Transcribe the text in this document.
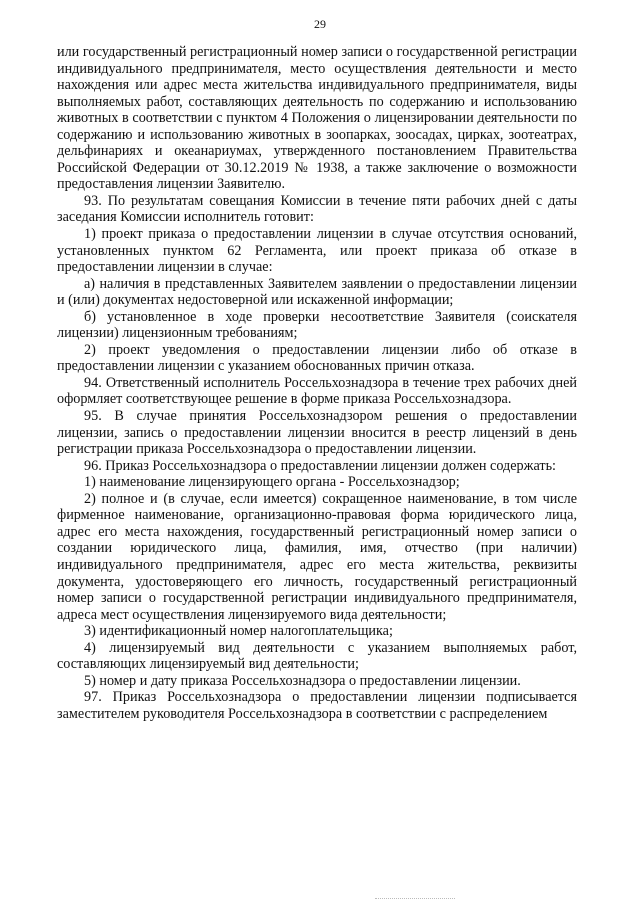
29

или государственный регистрационный номер записи о государственной регистрации индивидуального предпринимателя, место осуществления деятельности и место нахождения или адрес места жительства индивидуального предпринимателя, виды выполняемых работ, составляющих деятельность по содержанию и использованию животных в соответствии с пунктом 4 Положения о лицензировании деятельности по содержанию и использованию животных в зоопарках, зоосадах, цирках, зоотеатрах, дельфинариях и океанариумах, утвержденного постановлением Правительства Российской Федерации от 30.12.2019 № 1938, а также заключение о возможности предоставления лицензии Заявителю.

93. По результатам совещания Комиссии в течение пяти рабочих дней с даты заседания Комиссии исполнитель готовит:

1) проект приказа о предоставлении лицензии в случае отсутствия оснований, установленных пунктом 62 Регламента, или проект приказа об отказе в предоставлении лицензии в случае:

а) наличия в представленных Заявителем заявлении о предоставлении лицензии и (или) документах недостоверной или искаженной информации;

б) установленное в ходе проверки несоответствие Заявителя (соискателя лицензии) лицензионным требованиям;

2) проект уведомления о предоставлении лицензии либо об отказе в предоставлении лицензии с указанием обоснованных причин отказа.

94. Ответственный исполнитель Россельхознадзора в течение трех рабочих дней оформляет соответствующее решение в форме приказа Россельхознадзора.

95. В случае принятия Россельхознадзором решения о предоставлении лицензии, запись о предоставлении лицензии вносится в реестр лицензий в день регистрации приказа Россельхознадзора о предоставлении лицензии.

96. Приказ Россельхознадзора о предоставлении лицензии должен содержать:

1) наименование лицензирующего органа - Россельхознадзор;

2) полное и (в случае, если имеется) сокращенное наименование, в том числе фирменное наименование, организационно-правовая форма юридического лица, адрес его места нахождения, государственный регистрационный номер записи о создании юридического лица, фамилия, имя, отчество (при наличии) индивидуального предпринимателя, адрес его места жительства, реквизиты документа, удостоверяющего его личность, государственный регистрационный номер записи о государственной регистрации индивидуального предпринимателя, адреса мест осуществления лицензируемого вида деятельности;

3) идентификационный номер налогоплательщика;

4) лицензируемый вид деятельности с указанием выполняемых работ, составляющих лицензируемый вид деятельности;

5) номер и дату приказа Россельхознадзора о предоставлении лицензии.

97. Приказ Россельхознадзора о предоставлении лицензии подписывается заместителем руководителя Россельхознадзора в соответствии с распределением
